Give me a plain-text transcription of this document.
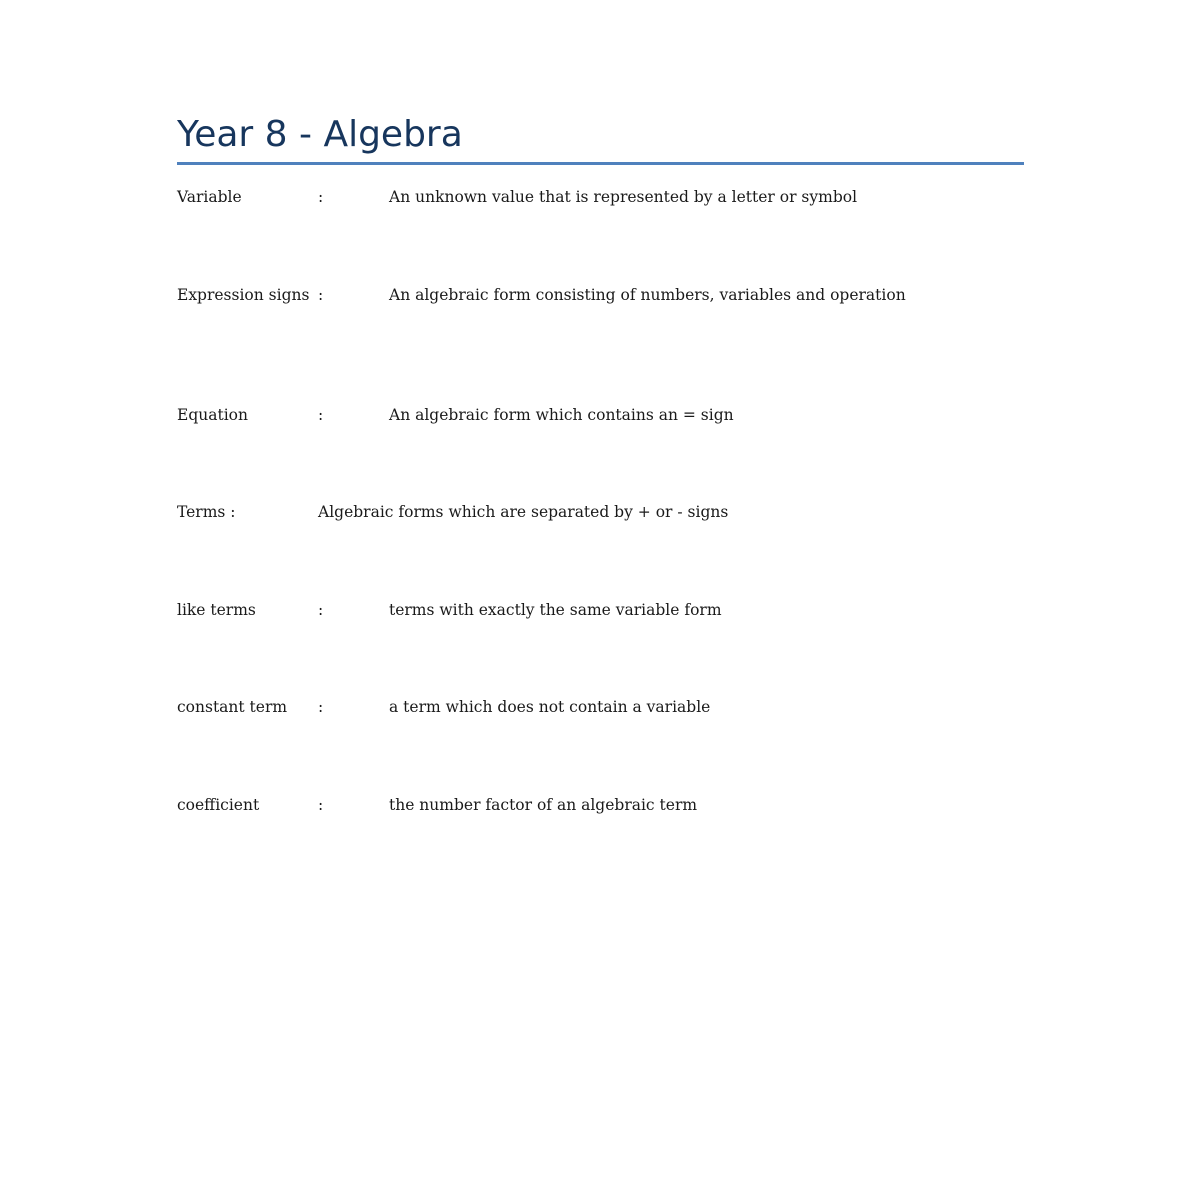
Year 8 - Algebra

Variable	:	An unknown value that is represented by a letter or symbol

Expression signs :	An algebraic form consisting of numbers, variables and operation

Equation	:	An algebraic form which contains an = sign

Terms :	Algebraic forms which are separated by + or - signs

like terms	:	terms with exactly the same variable form

constant term	:	a term which does not contain a variable

coefficient	:	the number factor of an algebraic term
